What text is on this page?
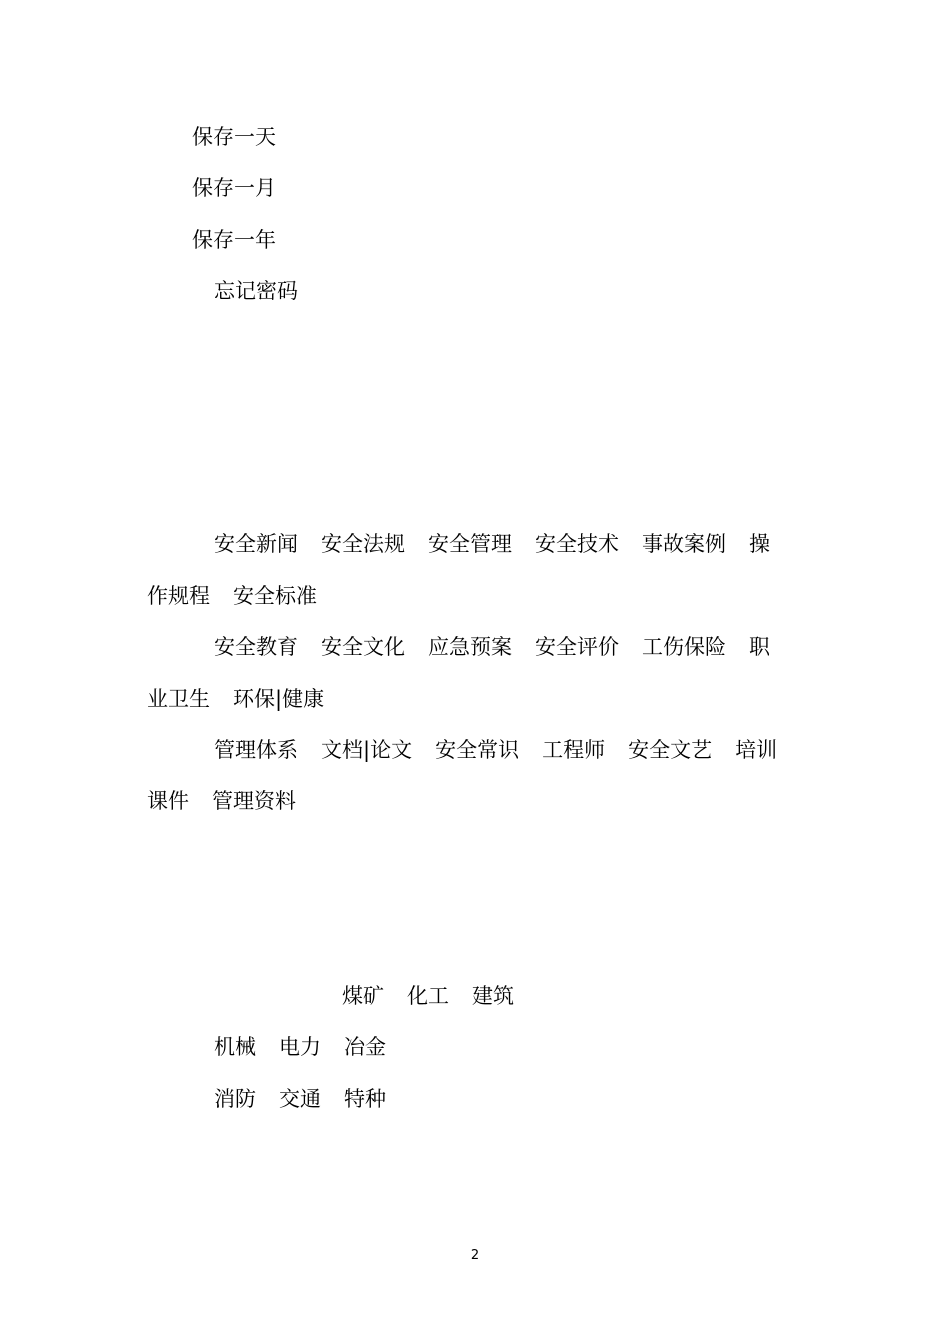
保存一天
保存一月
保存一年
忘记密码
安全新闻 安全法规 安全管理 安全技术 事故案例 操
作规程 安全标准
安全教育 安全文化 应急预案 安全评价 工伤保险 职
业卫生 环保|健康
管理体系 文档|论文 安全常识 工程师 安全文艺 培训
课件 管理资料
煤矿 化工 建筑
机械 电力 冶金
消防 交通 特种
2
